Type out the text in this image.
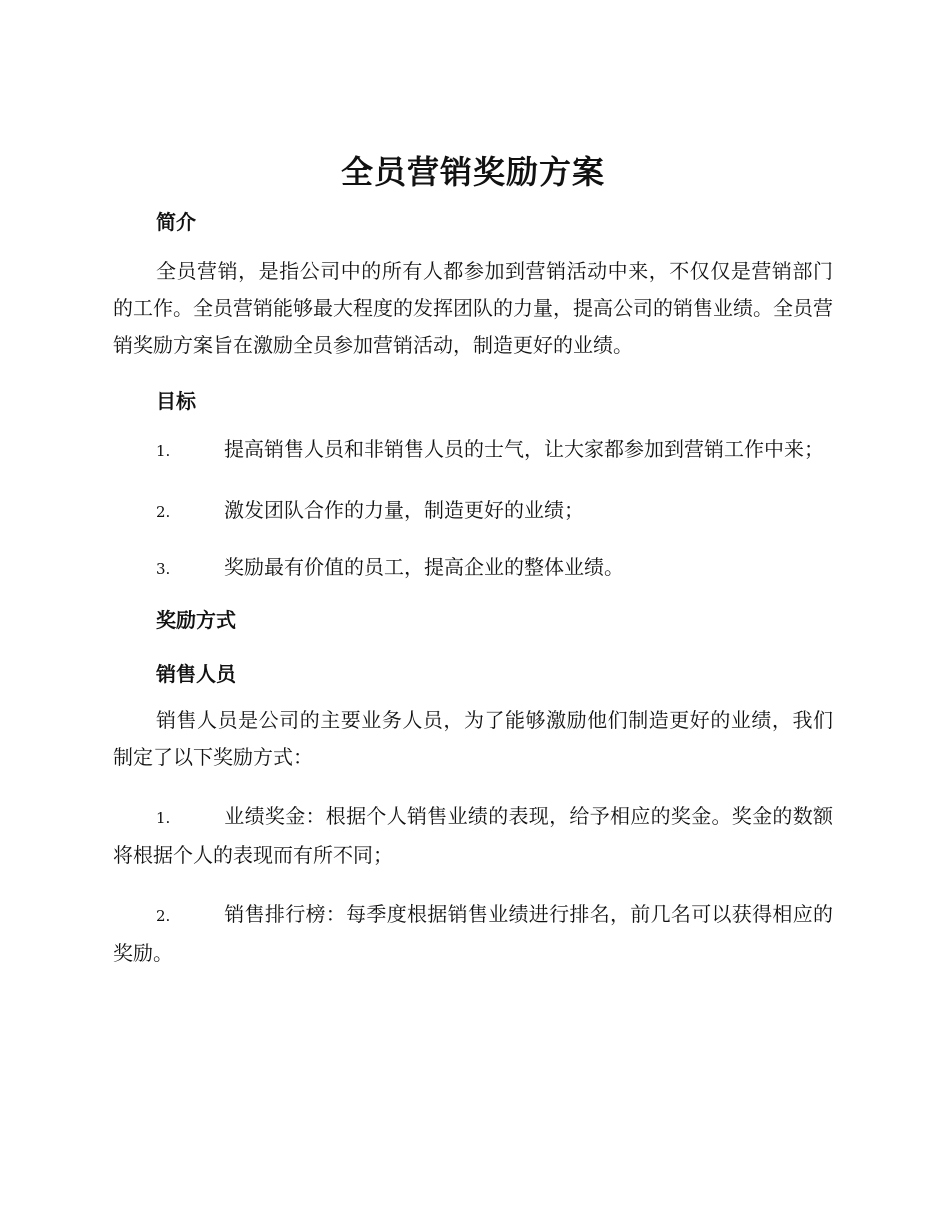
全员营销奖励方案
简介

全员营销，是指公司中的所有人都参加到营销活动中来，不仅仅是营销部门的工作。全员营销能够最大程度的发挥团队的力量，提高公司的销售业绩。全员营销奖励方案旨在激励全员参加营销活动，制造更好的业绩。

目标

1.	提高销售人员和非销售人员的士气，让大家都参加到营销工作中来；

2.	激发团队合作的力量，制造更好的业绩；

3.	奖励最有价值的员工，提高企业的整体业绩。

奖励方式
销售人员

销售人员是公司的主要业务人员，为了能够激励他们制造更好的业绩，我们制定了以下奖励方式：

1.	业绩奖金：根据个人销售业绩的表现，给予相应的奖金。奖金的数额将根据个人的表现而有所不同；

2.	销售排行榜：每季度根据销售业绩进行排名，前几名可以获得相应的奖励。
